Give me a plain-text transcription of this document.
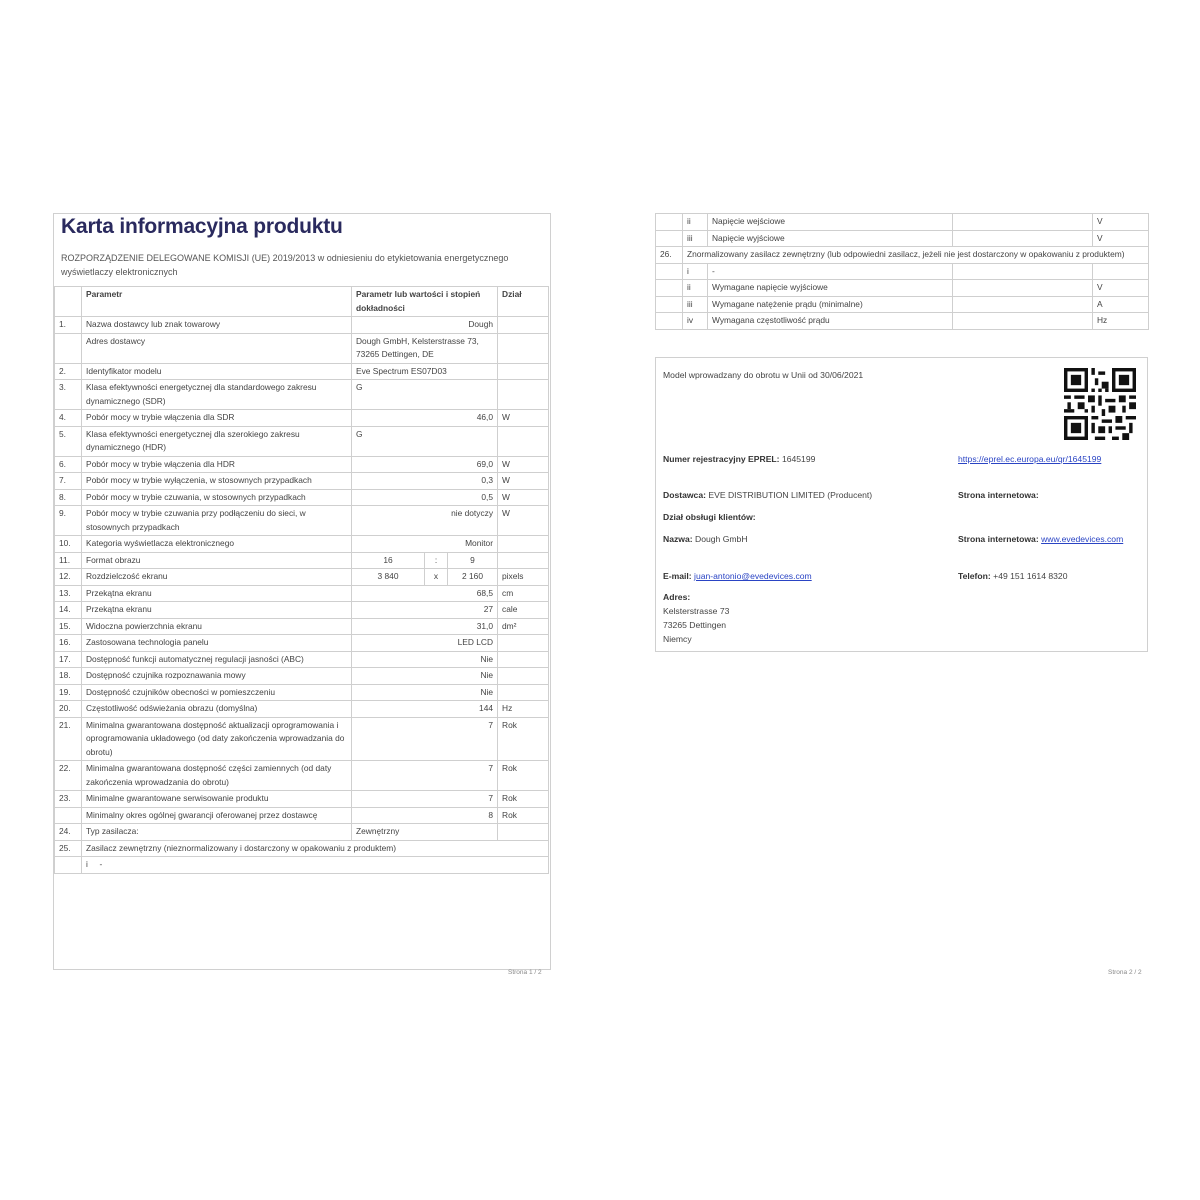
Karta informacyjna produktu
ROZPORZĄDZENIE DELEGOWANE KOMISJI (UE) 2019/2013 w odniesieniu do etykietowania energetycznego wyświetlaczy elektronicznych
	Parametr	Parametr lub wartości i stopień dokładności			Dział
1.	Nazwa dostawcy lub znak towarowy	Dough			
	Adres dostawcy	Dough GmbH, Kelsterstrasse 73, 73265 Dettingen, DE			
2.	Identyfikator modelu	Eve Spectrum ES07D03			
3.	Klasa efektywności energetycznej dla standardowego zakresu dynamicznego (SDR)	G			
4.	Pobór mocy w trybie włączenia dla SDR	46,0			W
5.	Klasa efektywności energetycznej dla szerokiego zakresu dynamicznego (HDR)	G			
6.	Pobór mocy w trybie włączenia dla HDR	69,0			W
7.	Pobór mocy w trybie wyłączenia, w stosownych przypadkach	0,3			W
8.	Pobór mocy w trybie czuwania, w stosownych przypadkach	0,5			W
9.	Pobór mocy w trybie czuwania przy podłączeniu do sieci, w stosownych przypadkach	nie dotyczy			W
10.	Kategoria wyświetlacza elektronicznego	Monitor			
11.	Format obrazu	16	:	9	
12.	Rozdzielczość ekranu	3 840	x	2 160	pixels
13.	Przekątna ekranu	68,5			cm
14.	Przekątna ekranu	27			cale
15.	Widoczna powierzchnia ekranu	31,0			dm²
16.	Zastosowana technologia panelu	LED LCD			
17.	Dostępność funkcji automatycznej regulacji jasności (ABC)	Nie			
18.	Dostępność czujnika rozpoznawania mowy	Nie			
19.	Dostępność czujników obecności w pomieszczeniu	Nie			
20.	Częstotliwość odświeżania obrazu (domyślna)	144			Hz
21.	Minimalna gwarantowana dostępność aktualizacji oprogramowania i oprogramowania układowego (od daty zakończenia wprowadzania do obrotu)	7			Rok
22.	Minimalna gwarantowana dostępność części zamiennych (od daty zakończenia wprowadzania do obrotu)	7			Rok
23.	Minimalne gwarantowane serwisowanie produktu	7			Rok
	Minimalny okres ogólnej gwarancji oferowanej przez dostawcę	8			Rok
24.	Typ zasilacza:	Zewnętrzny			
25.	Zasilacz zewnętrzny (nieznormalizowany i dostarczony w opakowaniu z produktem)				
	i -				
Strona 1 / 2
	ii	Napięcie wejściowe		V
	iii	Napięcie wyjściowe		V
26.	Znormalizowany zasilacz zewnętrzny (lub odpowiedni zasilacz, jeżeli nie jest dostarczony w opakowaniu z produktem)			
	i	-		
	ii	Wymagane napięcie wyjściowe		V
	iii	Wymagane natężenie prądu (minimalne)		A
	iv	Wymagana częstotliwość prądu		Hz
Model wprowadzany do obrotu w Unii od 30/06/2021
Numer rejestracyjny EPREL: 1645199	https://eprel.ec.europa.eu/qr/1645199
Dostawca: EVE DISTRIBUTION LIMITED (Producent)	Strona internetowa:
Dział obsługi klientów:
Nazwa: Dough GmbH	Strona internetowa: www.evedevices.com
E-mail: juan-antonio@evedevices.com	Telefon: +49 151 1614 8320
Adres:
Kelsterstrasse 73
73265 Dettingen
Niemcy
Strona 2 / 2
